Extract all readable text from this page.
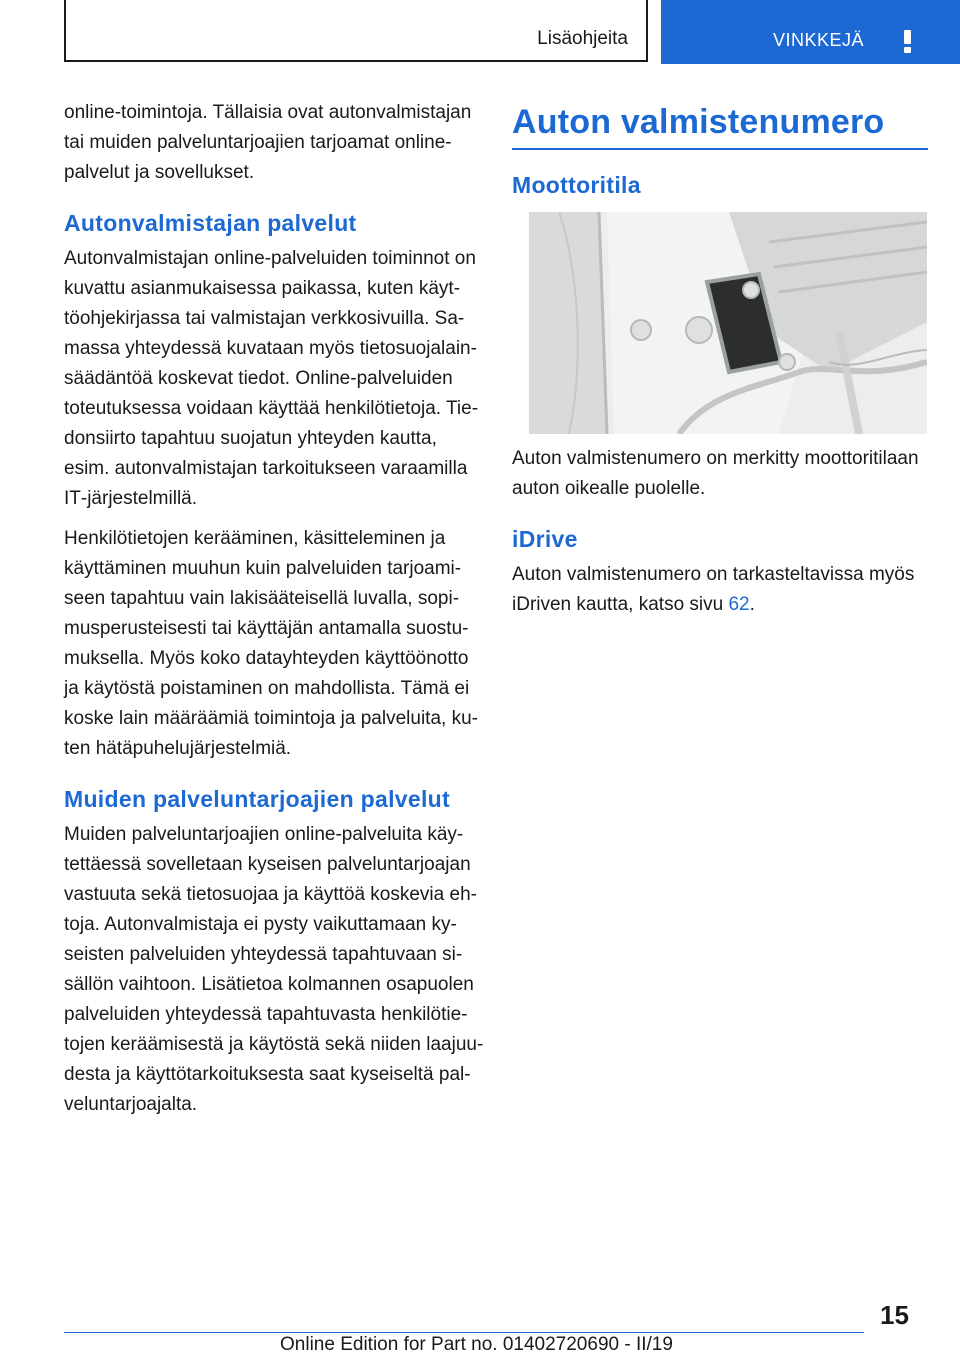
Lisäohjeita	VINKKEJÄ

online-toimintoja. Tällaisia ovat autonvalmistajan tai muiden palveluntarjoajien tarjoamat online-palvelut ja sovellukset.

Autonvalmistajan palvelut

Autonvalmistajan online-palveluiden toiminnot on kuvattu asianmukaisessa paikassa, kuten käyt-töohjekirjassa tai valmistajan verkkosivuilla. Sa-massa yhteydessä kuvataan myös tietosuojalain-säädäntöä koskevat tiedot. Online-palveluiden toteutuksessa voidaan käyttää henkilötietoja. Tie-donsiirto tapahtuu suojatun yhteyden kautta, esim. autonvalmistajan tarkoitukseen varaamilla IT‑järjestelmillä.

Henkilötietojen kerääminen, käsitteleminen ja käyttäminen muuhun kuin palveluiden tarjoami-seen tapahtuu vain lakisääteisellä luvalla, sopi-musperusteisesti tai käyttäjän antamalla suostu-muksella. Myös koko datayhteyden käyttöönotto ja käytöstä poistaminen on mahdollista. Tämä ei koske lain määräämiä toimintoja ja palveluita, ku-ten hätäpuhelujärjestelmiä.

Muiden palveluntarjoajien palvelut

Muiden palveluntarjoajien online-palveluita käy-tettäessä sovelletaan kyseisen palveluntarjoajan vastuuta sekä tietosuojaa ja käyttöä koskevia eh-toja. Autonvalmistaja ei pysty vaikuttamaan ky-seisten palveluiden yhteydessä tapahtuvaan si-sällön vaihtoon. Lisätietoa kolmannen osapuolen palveluiden yhteydessä tapahtuvasta henkilötie-tojen keräämisestä ja käytöstä sekä niiden laajuu-desta ja käyttötarkoituksesta saat kyseiseltä pal-veluntarjoajalta.

Auton valmistenumero
Moottoritila

Auton valmistenumero on merkitty moottoritilaan auton oikealle puolelle.

iDrive

Auton valmistenumero on tarkasteltavissa myös iDriven kautta, katso sivu 62.

15
Online Edition for Part no. 01402720690 - II/19
